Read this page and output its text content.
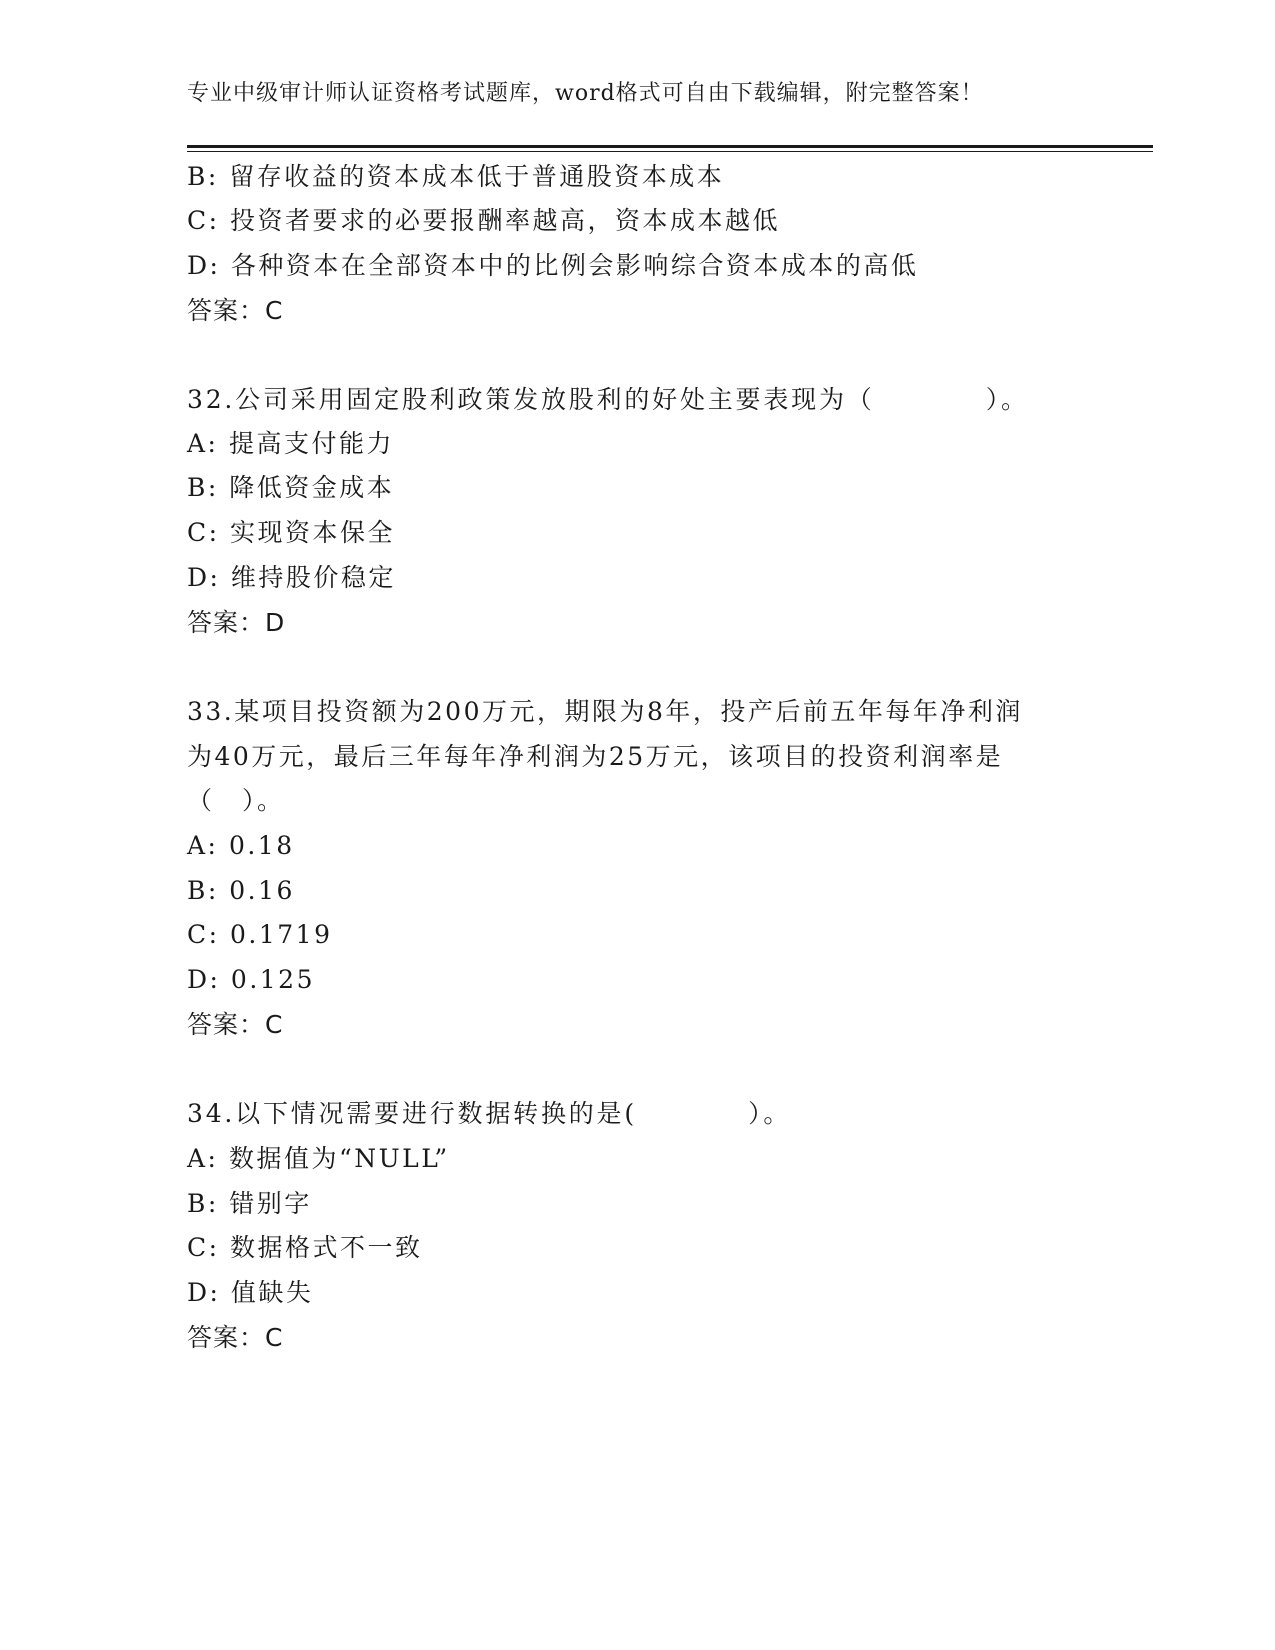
专业中级审计师认证资格考试题库，word格式可自由下载编辑，附完整答案！
B: 留存收益的资本成本低于普通股资本成本
C: 投资者要求的必要报酬率越高，资本成本越低
D: 各种资本在全部资本中的比例会影响综合资本成本的高低
答案：C
32.公司采用固定股利政策发放股利的好处主要表现为（　　　　）。
A: 提高支付能力
B: 降低资金成本
C: 实现资本保全
D: 维持股价稳定
答案：D
33.某项目投资额为200万元，期限为8年，投产后前五年每年净利润
为40万元，最后三年每年净利润为25万元，该项目的投资利润率是
（　）。
A: 0.18
B: 0.16
C: 0.1719
D: 0.125
答案：C
34.以下情况需要进行数据转换的是(　　　　）。
A: 数据值为“NULL”
B: 错别字
C: 数据格式不一致
D: 值缺失
答案：C
